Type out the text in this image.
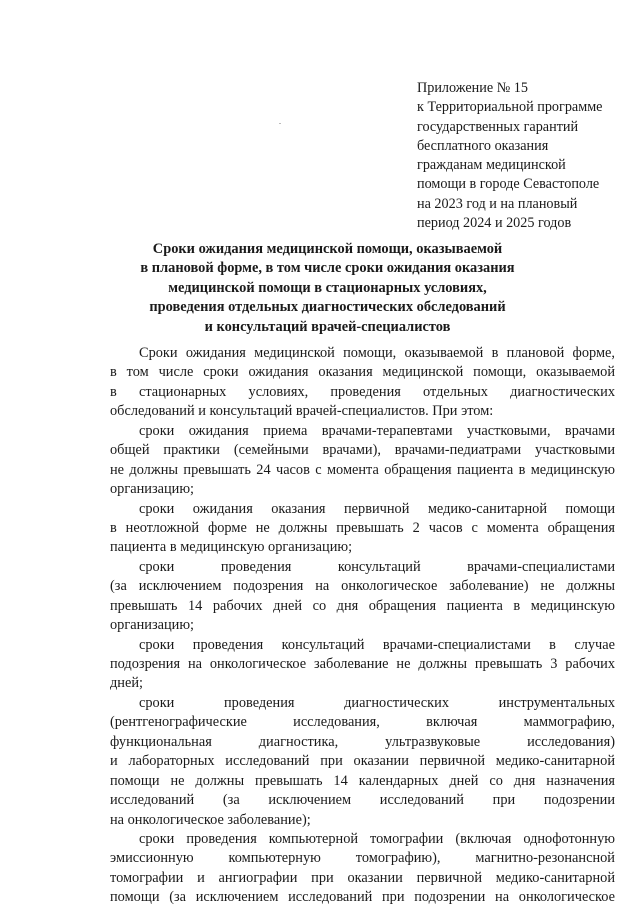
Приложение № 15
к Территориальной программе
государственных гарантий
бесплатного оказания
гражданам медицинской
помощи в городе Севастополе
на 2023 год и на плановый
период 2024 и 2025 годов
Сроки ожидания медицинской помощи, оказываемой
в плановой форме, в том числе сроки ожидания оказания
медицинской помощи в стационарных условиях,
проведения отдельных диагностических обследований
и консультаций врачей-специалистов
Сроки ожидания медицинской помощи, оказываемой в плановой форме,
в том числе сроки ожидания оказания медицинской помощи, оказываемой
в стационарных условиях, проведения отдельных диагностических
обследований и консультаций врачей-специалистов. При этом:
сроки ожидания приема врачами-терапевтами участковыми, врачами
общей практики (семейными врачами), врачами-педиатрами участковыми
не должны превышать 24 часов с момента обращения пациента в медицинскую
организацию;
сроки ожидания оказания первичной медико-санитарной помощи
в неотложной форме не должны превышать 2 часов с момента обращения
пациента в медицинскую организацию;
сроки проведения консультаций врачами-специалистами
(за исключением подозрения на онкологическое заболевание) не должны
превышать 14 рабочих дней со дня обращения пациента в медицинскую
организацию;
сроки проведения консультаций врачами-специалистами в случае
подозрения на онкологическое заболевание не должны превышать 3 рабочих
дней;
сроки проведения диагностических инструментальных
(рентгенографические исследования, включая маммографию,
функциональная диагностика, ультразвуковые исследования)
и лабораторных исследований при оказании первичной медико-санитарной
помощи не должны превышать 14 календарных дней со дня назначения
исследований (за исключением исследований при подозрении
на онкологическое заболевание);
сроки проведения компьютерной томографии (включая однофотонную
эмиссионную компьютерную томографию), магнитно-резонансной
томографии и ангиографии при оказании первичной медико-санитарной
помощи (за исключением исследований при подозрении на онкологическое
